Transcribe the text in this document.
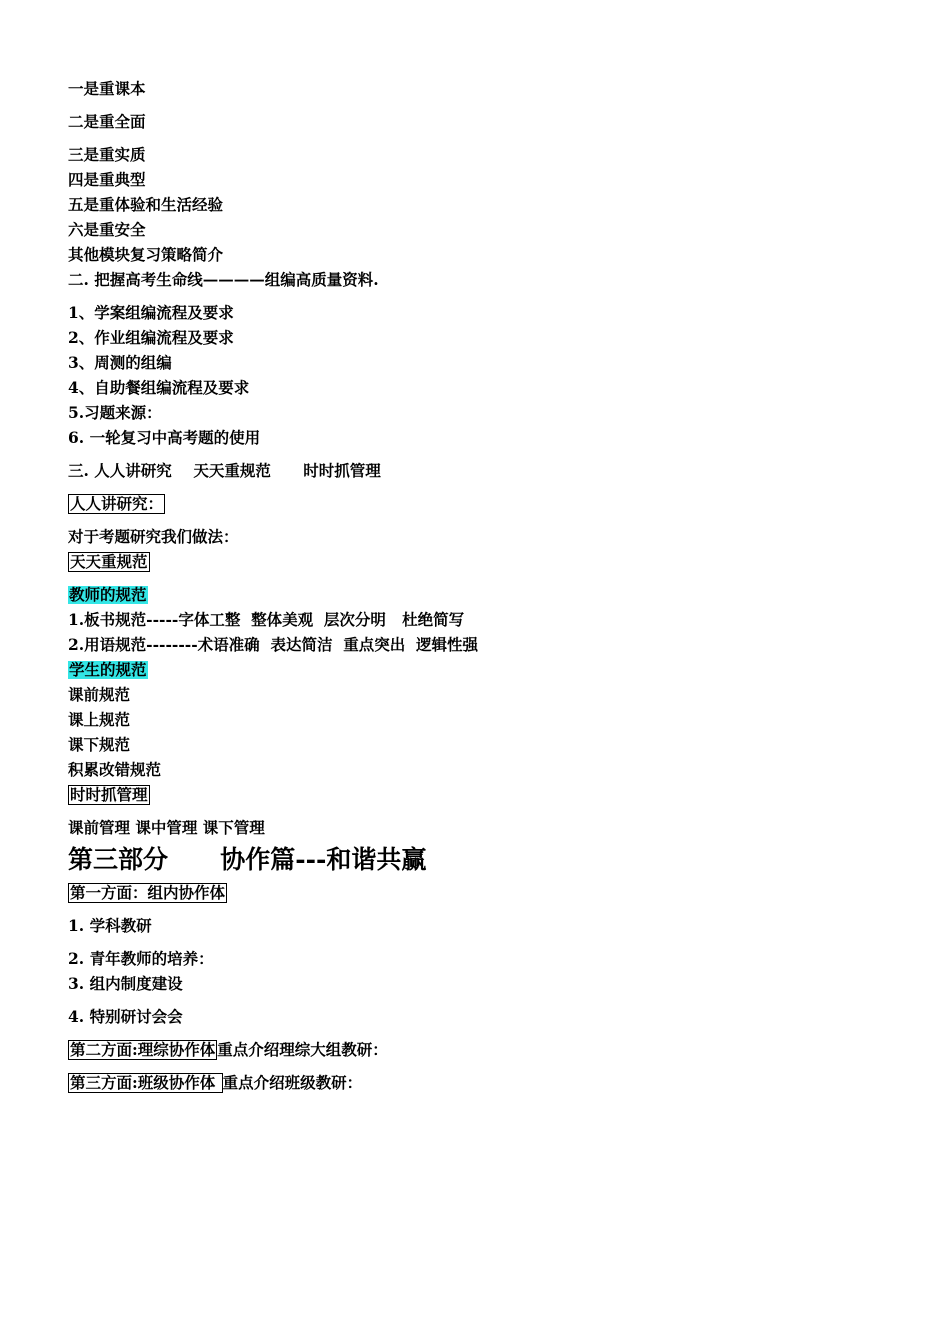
一是重课本
二是重全面
三是重实质
四是重典型
五是重体验和生活经验
六是重安全
其他模块复习策略简介
二. 把握高考生命线————组编高质量资料.
1、学案组编流程及要求
2、作业组编流程及要求
3、周测的组编
4、自助餐组编流程及要求
5.习题来源：
6. 一轮复习中高考题的使用
三. 人人讲研究    天天重规范      时时抓管理
人人讲研究：
对于考题研究我们做法：
天天重规范
教师的规范
1.板书规范-----字体工整  整体美观  层次分明   杜绝简写
2.用语规范--------术语准确  表达简洁  重点突出  逻辑性强
学生的规范
课前规范
课上规范
课下规范
积累改错规范
时时抓管理
课前管理 课中管理 课下管理
第三部分      协作篇---和谐共赢
第一方面：组内协作体
1. 学科教研
2. 青年教师的培养：
3. 组内制度建设
4. 特别研讨会会
第二方面:理综协作体 重点介绍理综大组教研：
第三方面:班级协作体 重点介绍班级教研：
